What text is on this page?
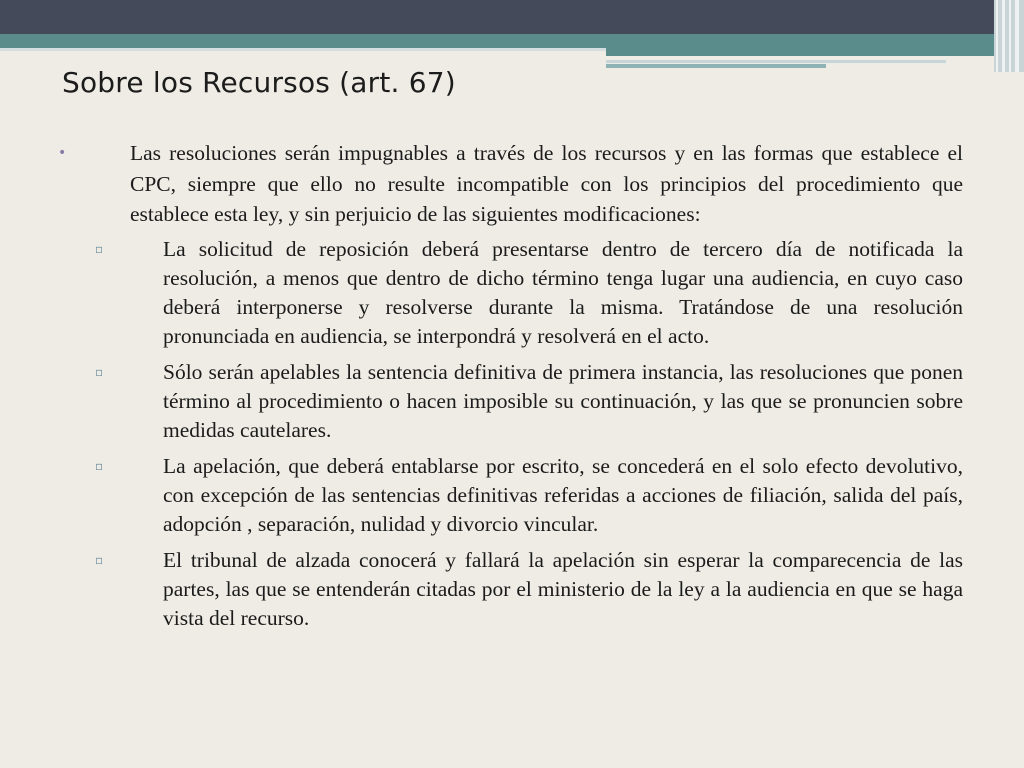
Sobre los Recursos (art. 67)
•	Las resoluciones serán impugnables a través de los recursos y en las formas que establece el CPC, siempre que ello no resulte incompatible con los principios del procedimiento que establece esta ley, y sin perjuicio de las siguientes modificaciones:
▫	La solicitud de reposición deberá presentarse dentro de tercero día de notificada la resolución, a menos que dentro de dicho término tenga lugar una audiencia, en cuyo caso deberá interponerse y resolverse durante la misma. Tratándose de una resolución pronunciada en audiencia, se interpondrá y resolverá en el acto.
▫	Sólo serán apelables la sentencia definitiva de primera instancia, las resoluciones que ponen término al procedimiento o hacen imposible su continuación, y las que se pronuncien sobre medidas cautelares.
▫	La apelación, que deberá entablarse por escrito, se concederá en el solo efecto devolutivo, con excepción de las sentencias definitivas referidas a acciones de filiación, salida del país, adopción , separación, nulidad y divorcio vincular.
▫	El tribunal de alzada conocerá y fallará la apelación sin esperar la comparecencia de las partes, las que se entenderán citadas por el ministerio de la ley a la audiencia en que se haga vista del recurso.
